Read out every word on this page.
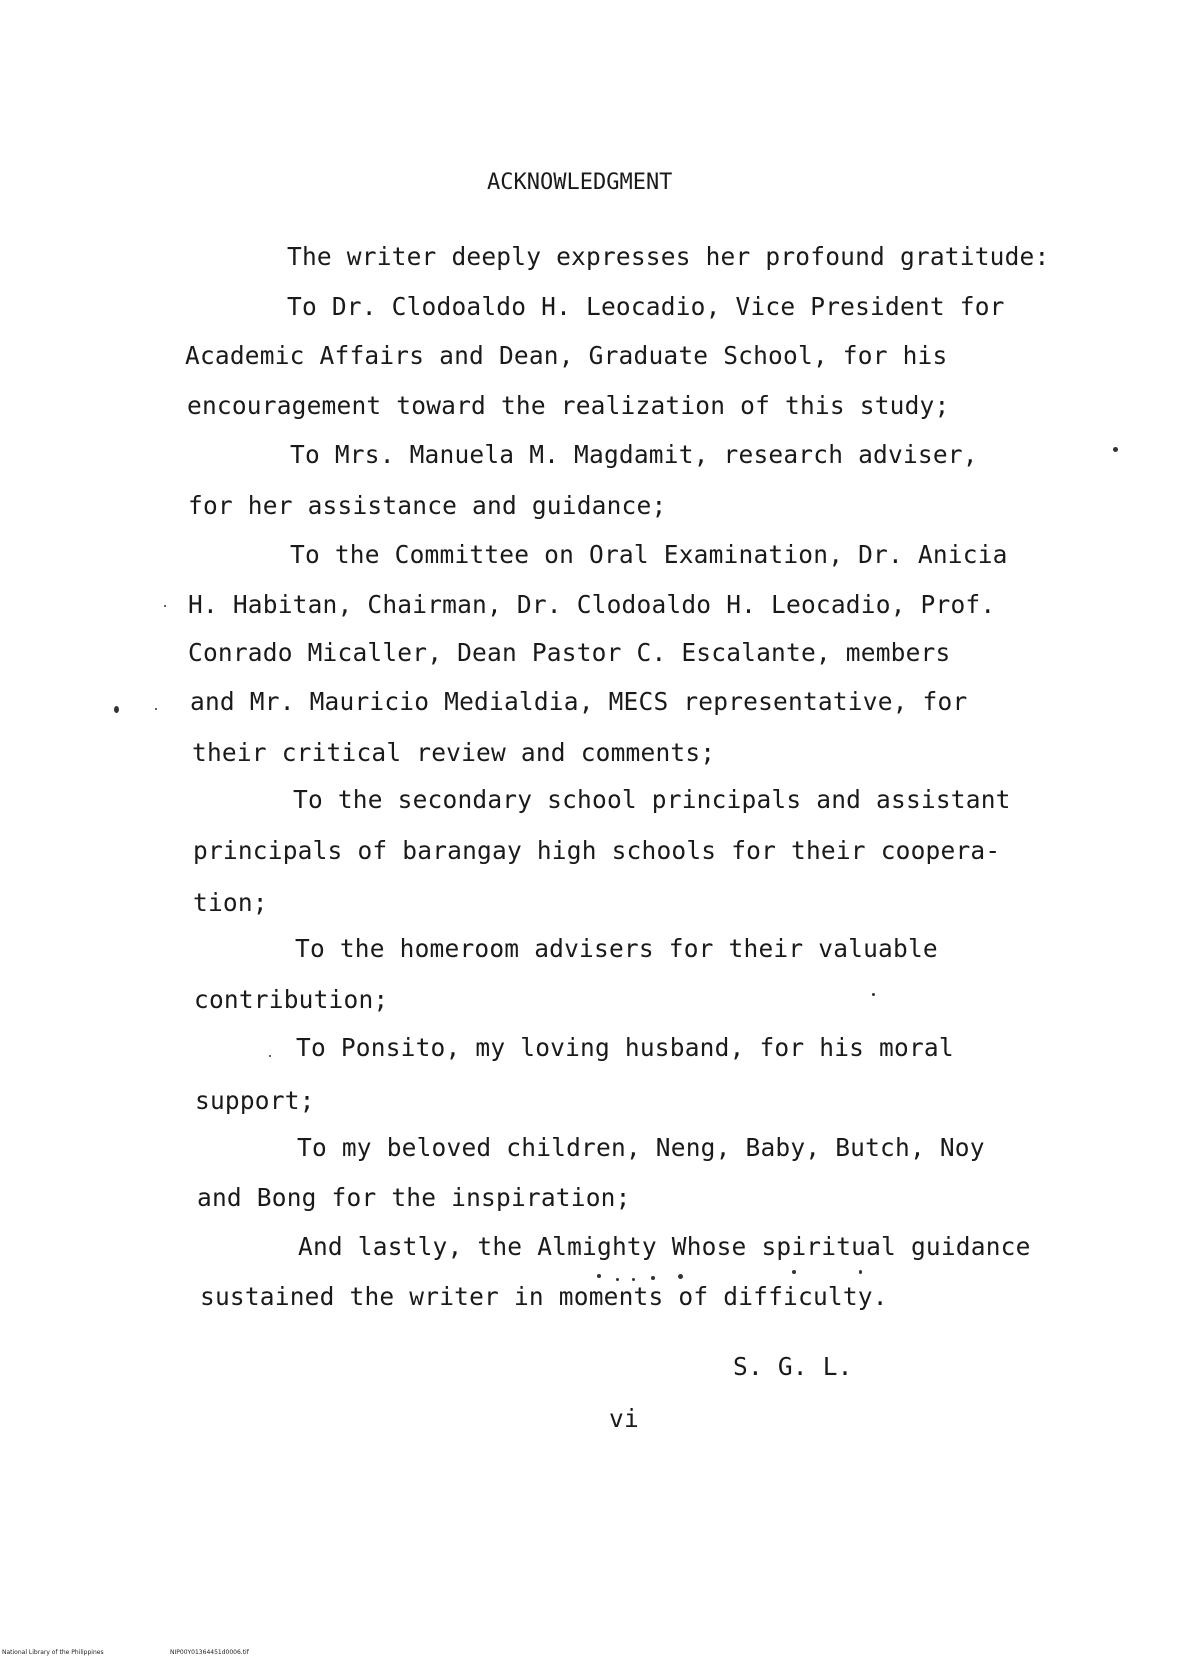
ACKNOWLEDGMENT
The writer deeply expresses her profound gratitude:
To Dr. Clodoaldo H. Leocadio, Vice President for
Academic Affairs and Dean, Graduate School, for his
encouragement toward the realization of this study;
To Mrs. Manuela M. Magdamit, research adviser,
for her assistance and guidance;
To the Committee on Oral Examination, Dr. Anicia
H. Habitan, Chairman, Dr. Clodoaldo H. Leocadio, Prof.
Conrado Micaller, Dean Pastor C. Escalante, members
and Mr. Mauricio Medialdia, MECS representative, for
their critical review and comments;
To the secondary school principals and assistant
principals of barangay high schools for their coopera-
tion;
To the homeroom advisers for their valuable
contribution;
To Ponsito, my loving husband, for his moral
support;
To my beloved children, Neng, Baby, Butch, Noy
and Bong for the inspiration;
And lastly, the Almighty Whose spiritual guidance
sustained the writer in moments of difficulty.
S. G. L.
vi
National Library of the Philippines	NIP00Y01364451d0006.tif
